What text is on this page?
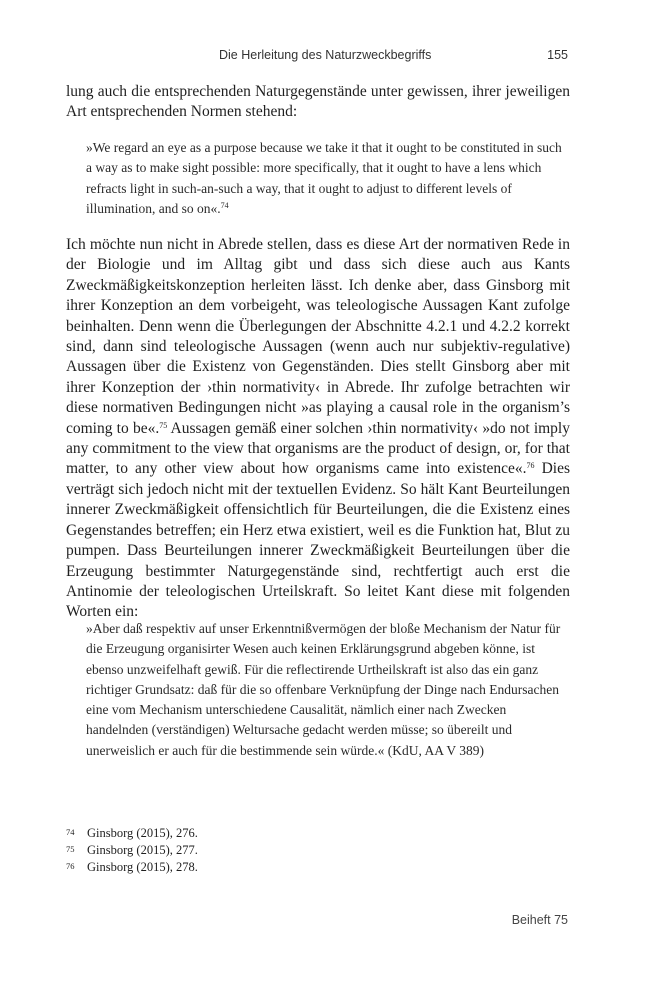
Die Herleitung des Naturzweckbegriffs	155

lung auch die entsprechenden Naturgegenstände unter gewissen, ihrer jeweiligen Art entsprechenden Normen stehend:

»We regard an eye as a purpose because we take it that it ought to be constituted in such a way as to make sight possible: more specifically, that it ought to have a lens which refracts light in such-an-such a way, that it ought to adjust to different levels of illumination, and so on«.$^{74}$

Ich möchte nun nicht in Abrede stellen, dass es diese Art der normativen Rede in der Biologie und im Alltag gibt und dass sich diese auch aus Kants Zweckmäßigkeitskonzeption herleiten lässt. Ich denke aber, dass Ginsborg mit ihrer Konzeption an dem vorbeigeht, was teleologische Aussagen Kant zufolge beinhalten. Denn wenn die Überlegungen der Abschnitte 4.2.1 und 4.2.2 korrekt sind, dann sind teleologische Aussagen (wenn auch nur subjektiv-regulative) Aussagen über die Existenz von Gegenständen. Dies stellt Ginsborg aber mit ihrer Konzeption der ›thin normativity‹ in Abrede. Ihr zufolge betrachten wir diese normativen Bedingungen nicht »as playing a causal role in the organism’s coming to be«.$^{75}$ Aussagen gemäß einer solchen ›thin normativity‹ »do not imply any commitment to the view that organisms are the product of design, or, for that matter, to any other view about how organisms came into existence«.$^{76}$ Dies verträgt sich jedoch nicht mit der textuellen Evidenz. So hält Kant Beurteilungen innerer Zweckmäßigkeit offensichtlich für Beurteilungen, die die Existenz eines Gegenstandes betreffen; ein Herz etwa existiert, weil es die Funktion hat, Blut zu pumpen. Dass Beurteilungen innerer Zweckmäßigkeit Beurteilungen über die Erzeugung bestimmter Naturgegenstände sind, rechtfertigt auch erst die Antinomie der teleologischen Urteilskraft. So leitet Kant diese mit folgenden Worten ein:

»Aber daß respektiv auf unser Erkenntnißvermögen der bloße Mechanism der Natur für die Erzeugung organisirter Wesen auch keinen Erklärungsgrund abgeben könne, ist ebenso unzweifelhaft gewiß. Für die reflectirende Urtheilskraft ist also das ein ganz richtiger Grundsatz: daß für die so offenbare Verknüpfung der Dinge nach Endursachen eine vom Mechanism unterschiedene Causalität, nämlich einer nach Zwecken handelnden (verständigen) Weltursache gedacht werden müsse; so übereilt und unerweislich er auch für die bestimmende sein würde.« (KdU, AA V 389)

74 Ginsborg (2015), 276.
75 Ginsborg (2015), 277.
76 Ginsborg (2015), 278.
Beiheft 75
